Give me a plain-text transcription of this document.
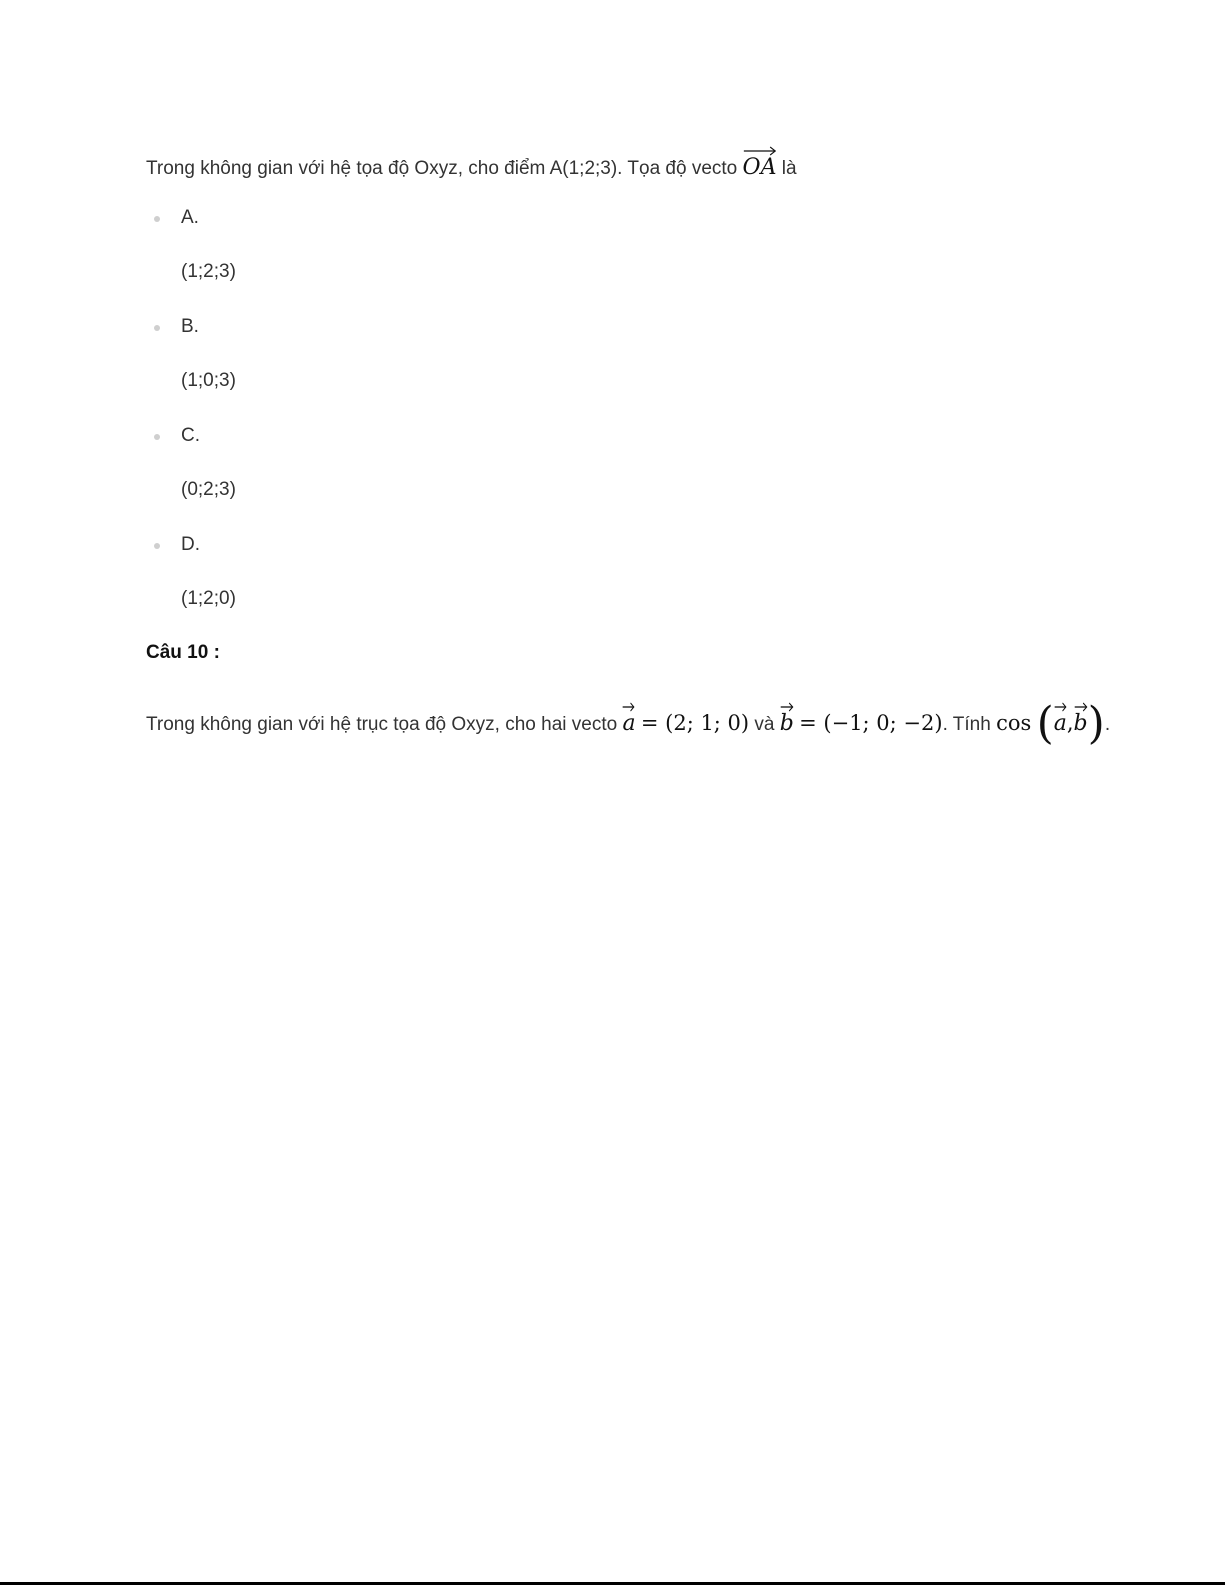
Trong không gian với hệ tọa độ Oxyz, cho điểm A(1;2;3). Tọa độ vecto OA là
A.
(1;2;3)
B.
(1;0;3)
C.
(0;2;3)
D.
(1;2;0)
Câu 10 :
Trong không gian với hệ trục tọa độ Oxyz, cho hai vecto a = (2; 1; 0) và b = (−1; 0; −2). Tính cos (
a,
b).
